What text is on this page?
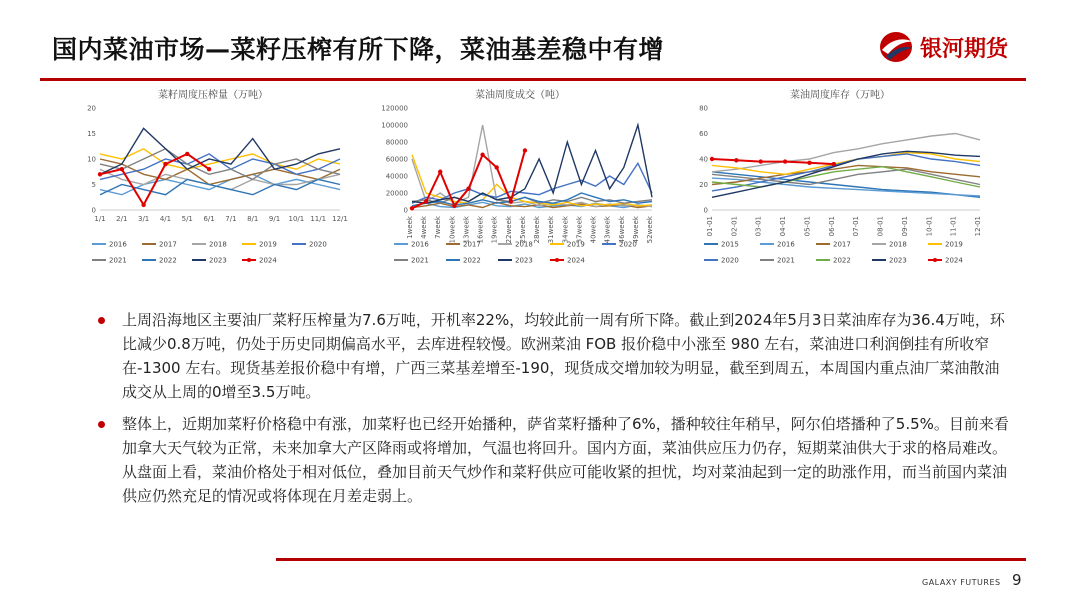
国内菜油市场—菜籽压榨有所下降，菜油基差稳中有增	银河期货
菜籽周度压榨量（万吨）
0
5
10
15
20
1/1 2/1 3/1 4/1 5/1 6/1 7/1 8/1 9/1 10/1 11/1 12/1
2016	2017	2018	2019	2020
2021	2022	2023	2024
菜油周度成交（吨）
0
20000
40000
60000
80000
100000
120000
1week 4week 7week 10week 13week 16week 19week 22week 25week 28week 31week 34week 37week 40week 43week 46week 49week 52week
2016	2017	2018	2019	2020
2021	2022	2023	2024
菜油周度库存（万吨）
0
20
40
60
80
01-01 02-01 03-01 04-01 05-01 06-01 07-01 08-01 09-01 10-01 11-01 12-01
2015	2016	2017	2018	2019
2020	2021	2022	2023	2024
上周沿海地区主要油厂菜籽压榨量为7.6万吨，开机率22%，均较此前一周有所下降。截止到2024年5月3日菜油库存为36.4万吨，环比减少0.8万吨，仍处于历史同期偏高水平，去库进程较慢。欧洲菜油 FOB 报价稳中小涨至 980 左右，菜油进口利润倒挂有所收窄在-1300 左右。现货基差报价稳中有增，广西三菜基差增至-190，现货成交增加较为明显，截至到周五，本周国内重点油厂菜油散油成交从上周的0增至3.5万吨。
整体上，近期加菜籽价格稳中有涨，加菜籽也已经开始播种，萨省菜籽播种了6%，播种较往年稍早，阿尔伯塔播种了5.5%。目前来看加拿大天气较为正常，未来加拿大产区降雨或将增加，气温也将回升。国内方面，菜油供应压力仍存，短期菜油供大于求的格局难改。从盘面上看，菜油价格处于相对低位，叠加目前天气炒作和菜籽供应可能收紧的担忧，均对菜油起到一定的助涨作用，而当前国内菜油供应仍然充足的情况或将体现在月差走弱上。
GALAXY FUTURES 9
